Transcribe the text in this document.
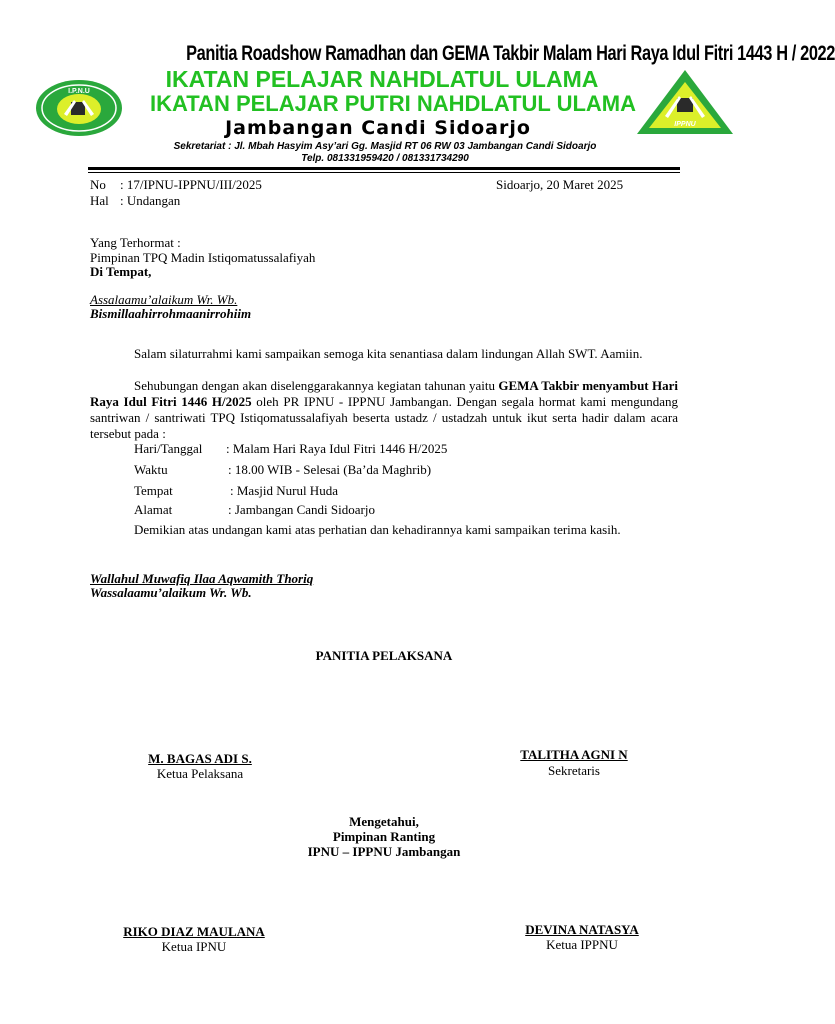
I.P.N.U
IPPNU
Panitia Roadshow Ramadhan dan GEMA Takbir Malam Hari Raya Idul Fitri 1443 H / 2022
IKATAN PELAJAR NAHDLATUL ULAMA
IKATAN PELAJAR PUTRI NAHDLATUL ULAMA
Jambangan Candi Sidoarjo
Sekretariat : Jl. Mbah Hasyim Asy’ari Gg. Masjid RT 06 RW 03 Jambangan Candi Sidoarjo
Telp. 081331959420 / 081331734290
No : 17/IPNU-IPPNU/III/2025	Sidoarjo, 20 Maret 2025
Hal : Undangan
Yang Terhormat :
Pimpinan TPQ Madin Istiqomatussalafiyah
Di Tempat,
Assalaamu’alaikum Wr. Wb.
Bismillaahirrohmaanirrohiim
Salam silaturrahmi kami sampaikan semoga kita senantiasa dalam lindungan Allah SWT. Aamiin.
Sehubungan dengan akan diselenggarakannya kegiatan tahunan yaitu GEMA Takbir menyambut Hari Raya Idul Fitri 1446 H/2025 oleh PR IPNU - IPPNU Jambangan. Dengan segala hormat kami mengundang santriwan / santriwati TPQ Istiqomatussalafiyah beserta ustadz / ustadzah untuk ikut serta hadir dalam acara tersebut pada :
Hari/Tanggal : Malam Hari Raya Idul Fitri 1446 H/2025
Waktu	: 18.00 WIB - Selesai (Ba’da Maghrib)
Tempat	: Masjid Nurul Huda
Alamat	: Jambangan Candi Sidoarjo
Demikian atas undangan kami atas perhatian dan kehadirannya kami sampaikan terima kasih.
Wallahul Muwafiq Ilaa Aqwamith Thoriq
Wassalaamu’alaikum Wr. Wb.
PANITIA PELAKSANA
M. BAGAS ADI S.
Ketua Pelaksana
TALITHA AGNI N
Sekretaris
Mengetahui,
Pimpinan Ranting
IPNU – IPPNU Jambangan
RIKO DIAZ MAULANA
Ketua IPNU
DEVINA NATASYA
Ketua IPPNU
